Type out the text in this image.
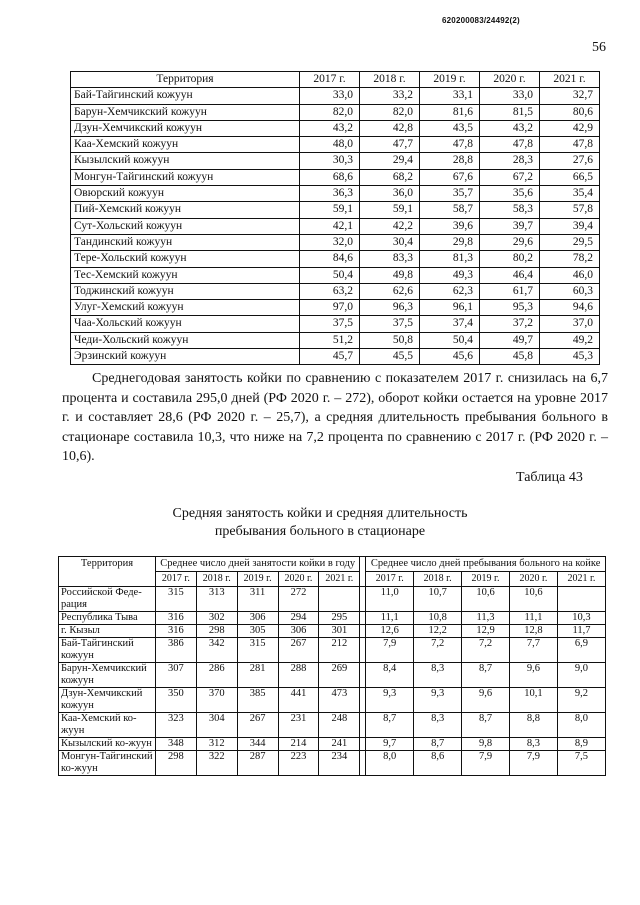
620200083/24492(2)
56
Территория	2017 г.	2018 г.	2019 г.	2020 г.	2021 г.
Бай-Тайгинский кожуун	33,0	33,2	33,1	33,0	32,7
Барун-Хемчикский кожуун	82,0	82,0	81,6	81,5	80,6
Дзун-Хемчикский кожуун	43,2	42,8	43,5	43,2	42,9
Каа-Хемский кожуун	48,0	47,7	47,8	47,8	47,8
Кызылский кожуун	30,3	29,4	28,8	28,3	27,6
Монгун-Тайгинский кожуун	68,6	68,2	67,6	67,2	66,5
Овюрский кожуун	36,3	36,0	35,7	35,6	35,4
Пий-Хемский кожуун	59,1	59,1	58,7	58,3	57,8
Сут-Хольский кожуун	42,1	42,2	39,6	39,7	39,4
Тандинский кожуун	32,0	30,4	29,8	29,6	29,5
Тере-Хольский кожуун	84,6	83,3	81,3	80,2	78,2
Тес-Хемский кожуун	50,4	49,8	49,3	46,4	46,0
Тоджинский кожуун	63,2	62,6	62,3	61,7	60,3
Улуг-Хемский кожуун	97,0	96,3	96,1	95,3	94,6
Чаа-Хольский кожуун	37,5	37,5	37,4	37,2	37,0
Чеди-Хольский кожуун	51,2	50,8	50,4	49,7	49,2
Эрзинский кожуун	45,7	45,5	45,6	45,8	45,3

Среднегодовая занятость койки по сравнению с показателем 2017 г. снизилась на 6,7 процента и составила 295,0 дней (РФ 2020 г. – 272), оборот койки остается на уровне 2017 г. и составляет 28,6 (РФ 2020 г. – 25,7), а средняя длительность пребывания больного в стационаре составила 10,3, что ниже на 7,2 процента по сравнению с 2017 г. (РФ 2020 г. – 10,6).

Таблица 43
Средняя занятость койки и средняя длительность
пребывания больного в стационаре
Территория	Среднее число дней занятости койки в году						Среднее число дней пребывания больного на койке				
	2017 г.	2018 г.	2019 г.	2020 г.	2021 г.		2017 г.	2018 г.	2019 г.	2020 г.	2021 г.
Российской Феде-рация	315	313	311	272			11,0	10,7	10,6	10,6	
Республика Тыва	316	302	306	294	295		11,1	10,8	11,3	11,1	10,3
г. Кызыл	316	298	305	306	301		12,6	12,2	12,9	12,8	11,7
Бай-Тайгинский кожуун	386	342	315	267	212		7,9	7,2	7,2	7,7	6,9
Барун-Хемчикский кожуун	307	286	281	288	269		8,4	8,3	8,7	9,6	9,0
Дзун-Хемчикский кожуун	350	370	385	441	473		9,3	9,3	9,6	10,1	9,2
Каа-Хемский ко-жуун	323	304	267	231	248		8,7	8,3	8,7	8,8	8,0
Кызылский ко-жуун	348	312	344	214	241		9,7	8,7	9,8	8,3	8,9
Монгун-Тайгинский ко-жуун	298	322	287	223	234		8,0	8,6	7,9	7,9	7,5
